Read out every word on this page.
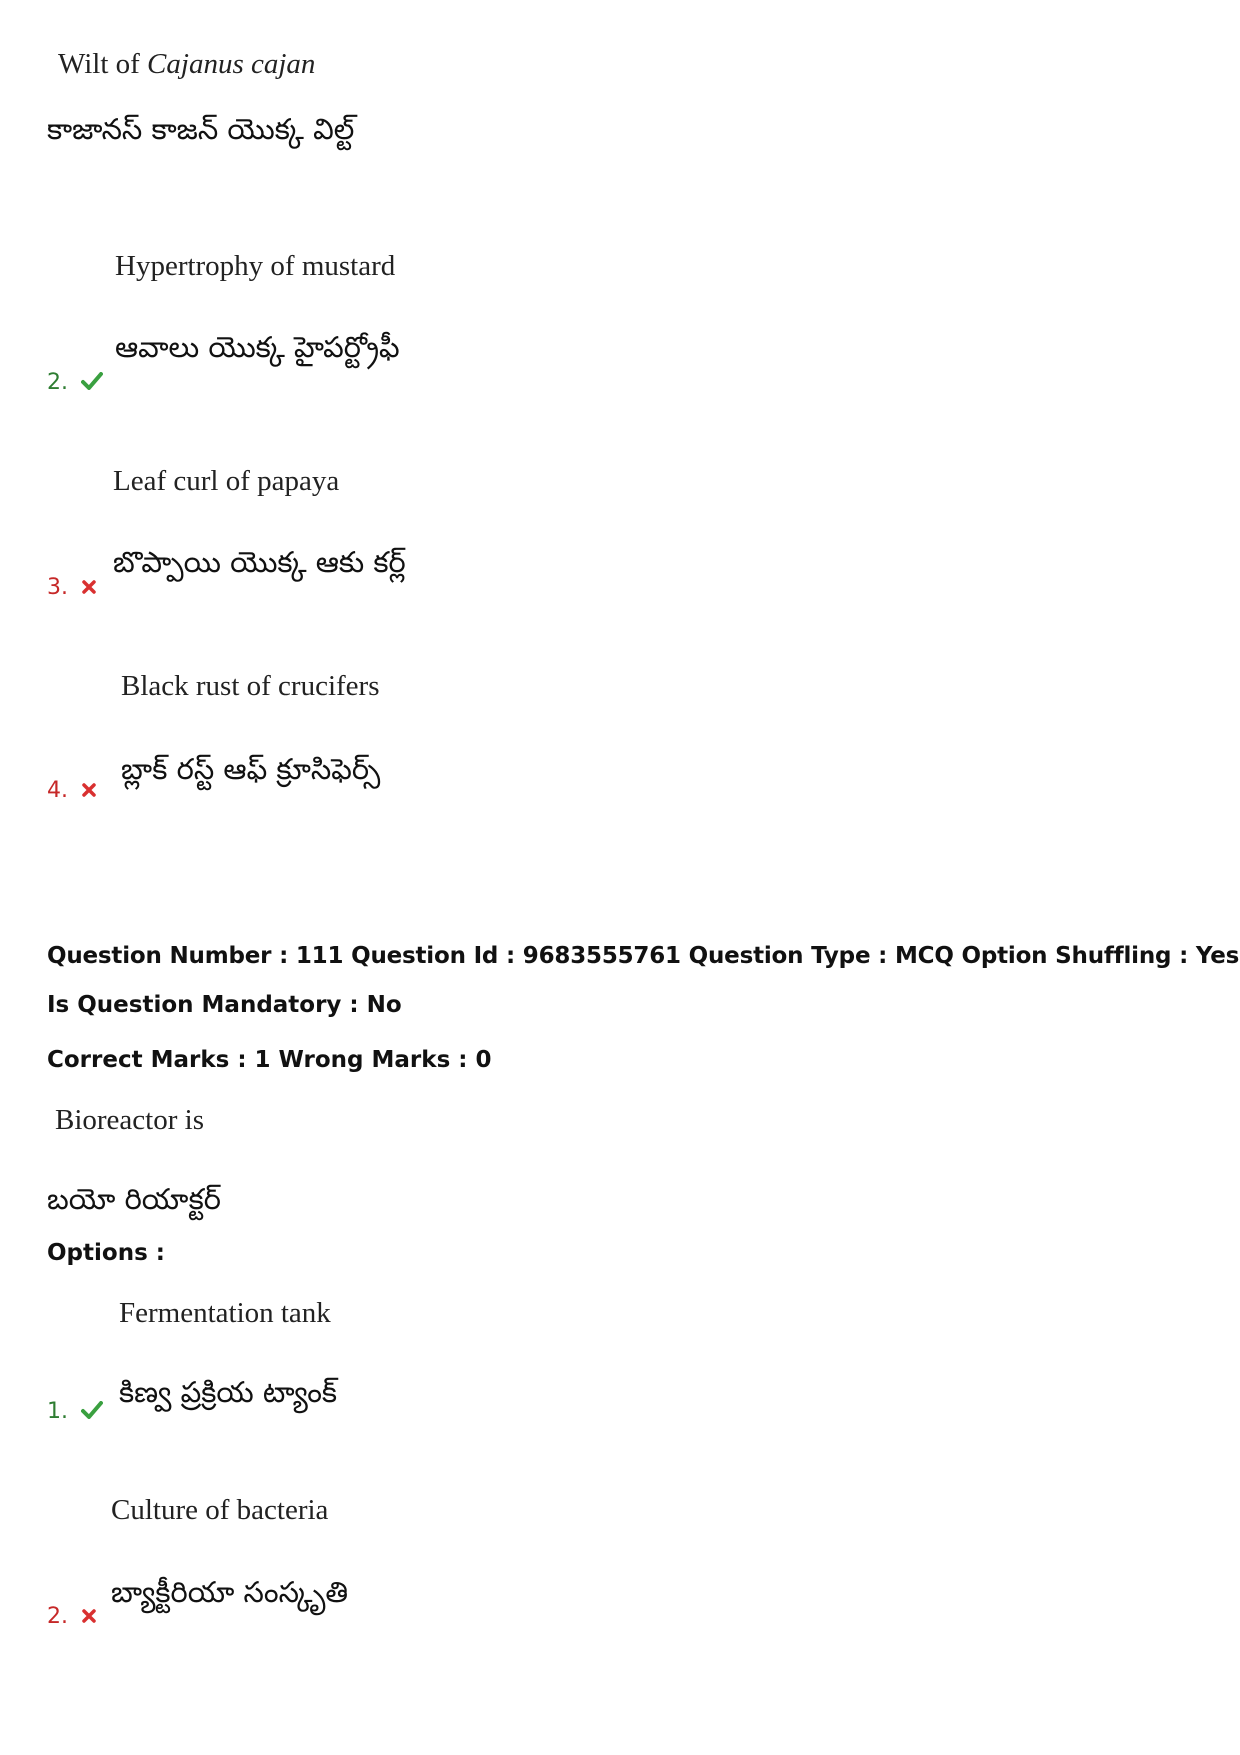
Wilt of Cajanus cajan
కాజానస్ కాజన్ యొక్క విల్ట్
Hypertrophy of mustard
ఆవాలు యొక్క హైపర్ట్రోఫీ
2.
Leaf curl of papaya
బొప్పాయి యొక్క ఆకు కర్ల్
3.
Black rust of crucifers
బ్లాక్ రస్ట్ ఆఫ్ క్రూసిఫెర్స్
4.
Question Number : 111 Question Id : 9683555761 Question Type : MCQ Option Shuffling : Yes
Is Question Mandatory : No
Correct Marks : 1 Wrong Marks : 0
Bioreactor is
బయో రియాక్టర్
Options :
Fermentation tank
కిణ్వ ప్రక్రియ ట్యాంక్
1.
Culture of bacteria
బ్యాక్టీరియా సంస్కృతి
2.
